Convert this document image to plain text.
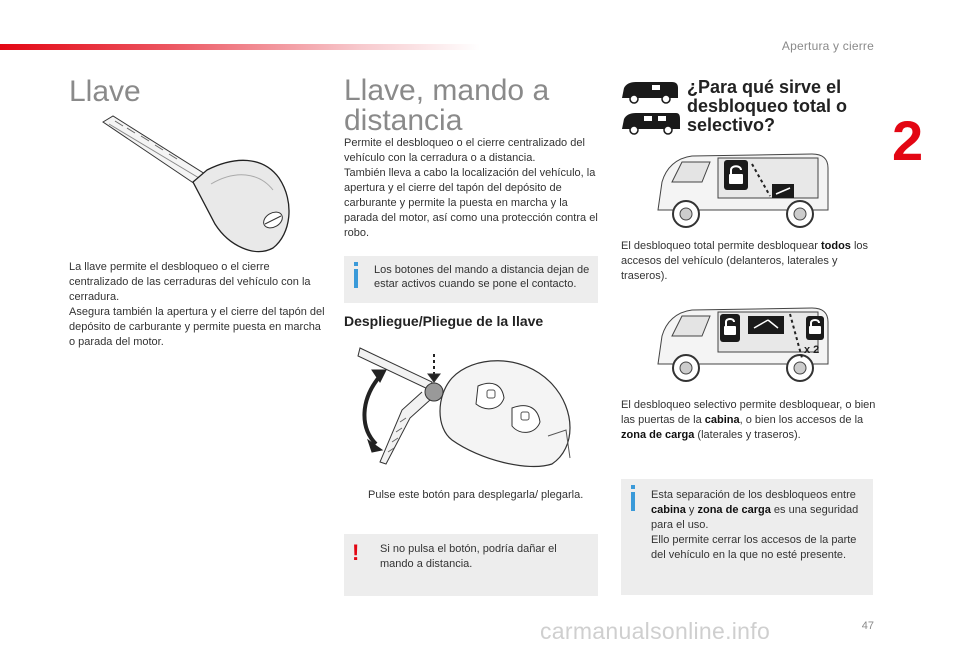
Apertura y cierre
2
Llave
La llave permite el desbloqueo o el cierre centralizado de las cerraduras del vehículo con la cerradura.
Asegura también la apertura y el cierre del tapón del depósito de carburante y permite puesta en marcha o parada del motor.
Llave, mando a distancia
Permite el desbloqueo o el cierre centralizado del vehículo con la cerradura o a distancia.
También lleva a cabo la localización del vehículo, la apertura y el cierre del tapón del depósito de carburante y permite la puesta en marcha y la parada del motor, así como una protección contra el robo.
Los botones del mando a distancia dejan de estar activos cuando se pone el contacto.
Despliegue/Pliegue de la llave
Pulse este botón para desplegarla/ plegarla.
! Si no pulsa el botón, podría dañar el mando a distancia.
¿Para qué sirve el desbloqueo total o selectivo?
El desbloqueo total permite desbloquear todos los accesos del vehículo (delanteros, laterales y traseros).
x 2
El desbloqueo selectivo permite desbloquear, o bien las puertas de la cabina, o bien los accesos de la zona de carga (laterales y traseros).
Esta separación de los desbloqueos entre cabina y zona de carga es una seguridad para el uso.
Ello permite cerrar los accesos de la parte del vehículo en la que no esté presente.
47
carmanualsonline.info
